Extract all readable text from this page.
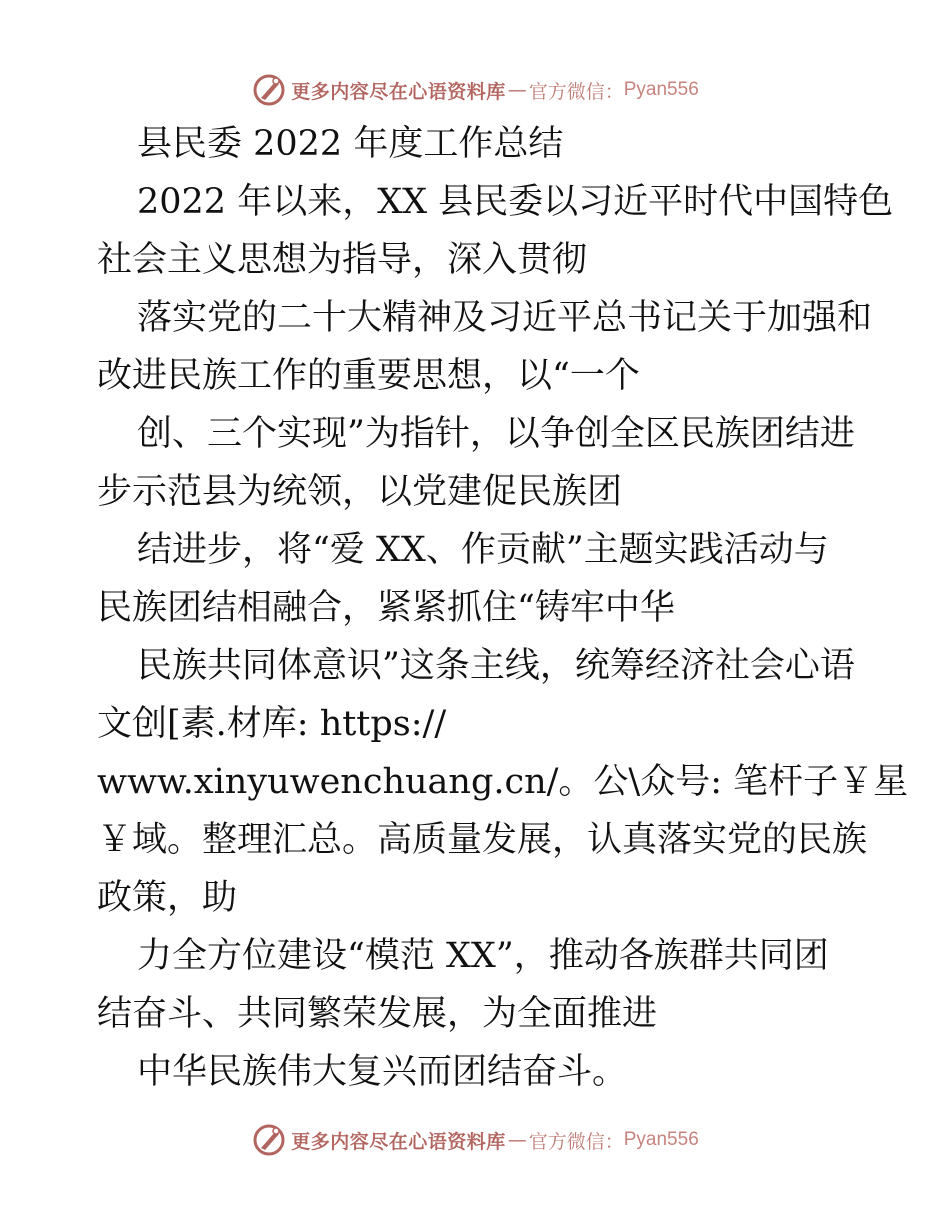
更多内容尽在心语资料库 — 官方微信： Pyan556
县民委 2022 年度工作总结
2022 年以来，XX 县民委以习近平时代中国特色
社会主义思想为指导，深入贯彻
落实党的二十大精神及习近平总书记关于加强和
改进民族工作的重要思想，以“一个
创、三个实现”为指针，以争创全区民族团结进
步示范县为统领，以党建促民族团
结进步，将“爱 XX、作贡献”主题实践活动与
民族团结相融合，紧紧抓住“铸牢中华
民族共同体意识”这条主线，统筹经济社会心语
文创[素.材库: https://
www.xinyuwenchuang.cn/。公\众号: 笔杆子￥星
￥域。整理汇总。高质量发展，认真落实党的民族
政策，助
力全方位建设“模范 XX”，推动各族群共同团
结奋斗、共同繁荣发展，为全面推进
中华民族伟大复兴而团结奋斗。
更多内容尽在心语资料库 — 官方微信： Pyan556
